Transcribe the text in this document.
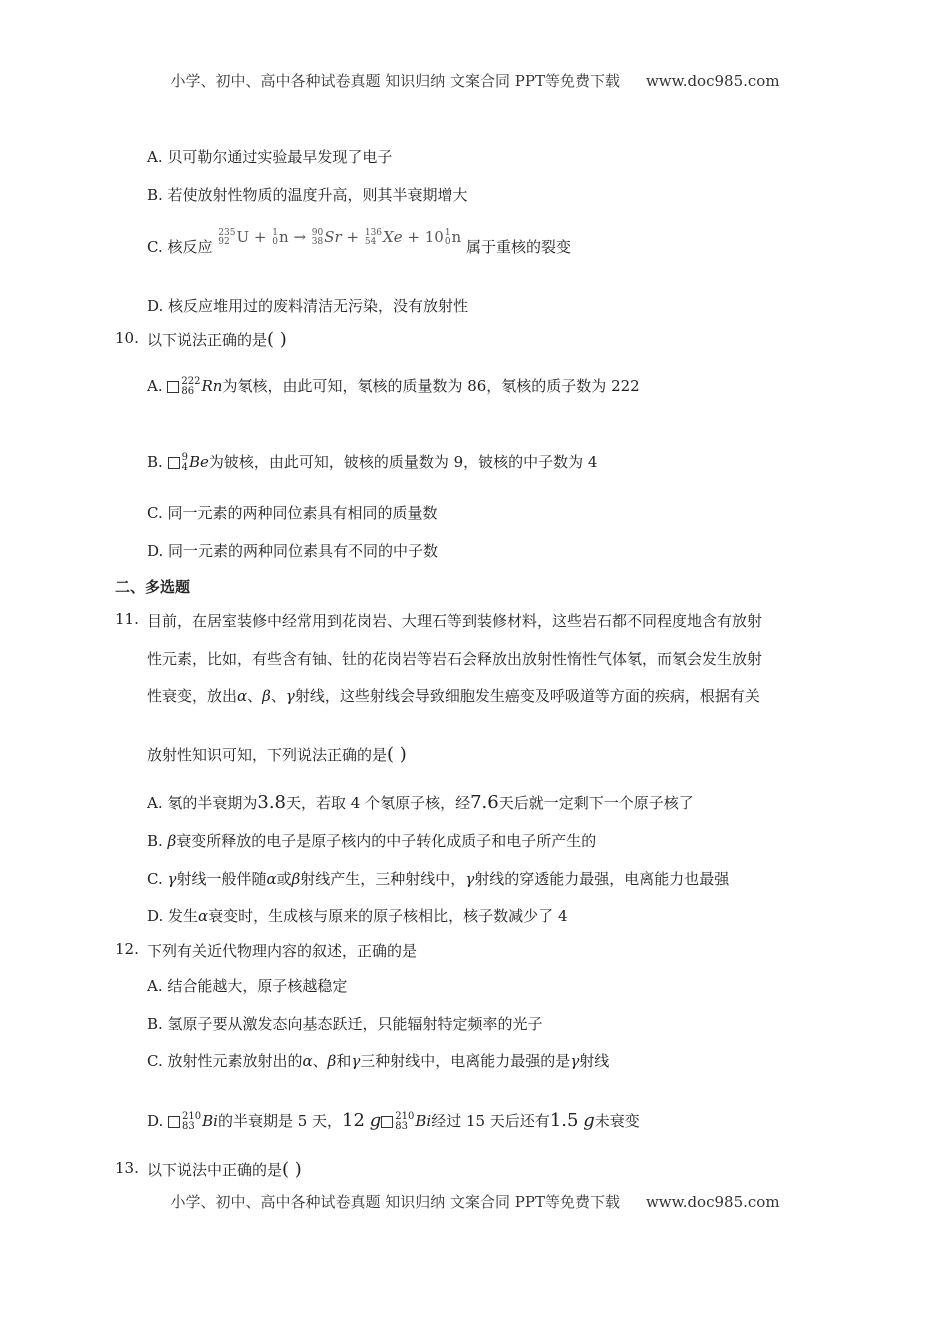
小学、初中、高中各种试卷真题 知识归纳 文案合同 PPT等免费下载 www.doc985.com
A. 贝可勒尔通过实验最早发现了电子
B. 若使放射性物质的温度升高，则其半衰期增大
C. 核反应
235
92 U + 1
0 n → 90
38 Sr + 136
54 Xe + 10 1
0 n 属于重核的裂变
D. 核反应堆用过的废料清洁无污染，没有放射性
10. 以下说法正确的是( )
A. 222
86 Rn为氡核，由此可知，氡核的质量数为 86，氡核的质子数为 222
B. 9
4 Be为铍核，由此可知，铍核的质量数为 9，铍核的中子数为 4
C. 同一元素的两种同位素具有相同的质量数
D. 同一元素的两种同位素具有不同的中子数
二、多选题
11. 目前，在居室装修中经常用到花岗岩、大理石等到装修材料，这些岩石都不同程度地含有放射
性元素，比如，有些含有铀、钍的花岗岩等岩石会释放出放射性惰性气体氡，而氡会发生放射
性衰变，放出α、β、γ射线，这些射线会导致细胞发生癌变及呼吸道等方面的疾病，根据有关
放射性知识可知，下列说法正确的是( )
A. 氡的半衰期为3.8天，若取 4 个氡原子核，经7.6天后就一定剩下一个原子核了
B. β衰变所释放的电子是原子核内的中子转化成质子和电子所产生的
C. γ射线一般伴随α或β射线产生，三种射线中，γ射线的穿透能力最强，电离能力也最强
D. 发生α衰变时，生成核与原来的原子核相比，核子数减少了 4
12. 下列有关近代物理内容的叙述，正确的是
A. 结合能越大，原子核越稳定
B. 氢原子要从激发态向基态跃迁，只能辐射特定频率的光子
C. 放射性元素放射出的α、β和γ三种射线中，电离能力最强的是γ射线
D. 210
83 Bi的半衰期是 5 天，12 g 210
83 Bi经过 15 天后还有1.5 g未衰变
13. 以下说法中正确的是( )
小学、初中、高中各种试卷真题 知识归纳 文案合同 PPT等免费下载 www.doc985.com
